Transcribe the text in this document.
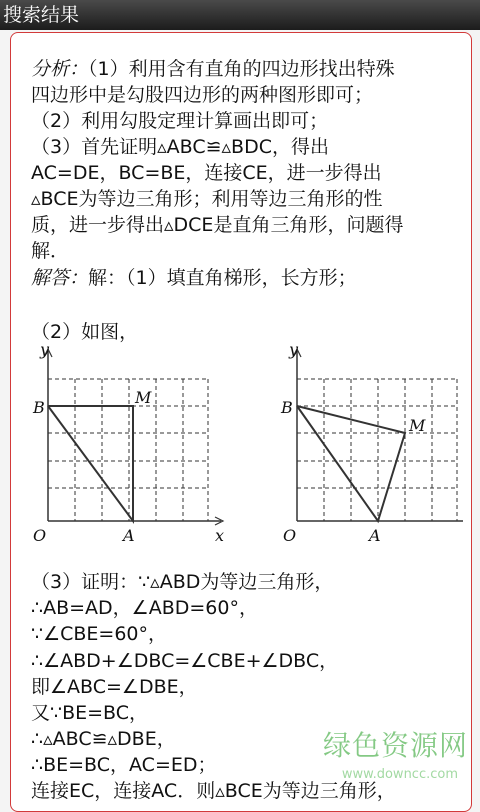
搜索结果
分析：（1）利用含有直角的四边形找出特殊
四边形中是勾股四边形的两种图形即可；
（2）利用勾股定理计算画出即可；
（3）首先证明▵ABC≌▵BDC，得出
AC=DE，BC=BE，连接CE，进一步得出
▵BCE为等边三角形；利用等边三角形的性
质，进一步得出▵DCE是直角三角形，问题得
解．
解答：解：（1）填直角梯形，长方形；
（2）如图，
y
x
O	A
B
M
y
O	A
B
M
（3）证明：∵▵ABD为等边三角形，
∴AB=AD，∠ABD=60°，
∵∠CBE=60°，
∴∠ABD+∠DBC=∠CBE+∠DBC，
即∠ABC=∠DBE，
又∵BE=BC，
∴▵ABC≌▵DBE，
∴BE=BC，AC=ED；
连接EC，连接AC．则▵BCE为等边三角形，
绿色资源网
www.downcc.com
